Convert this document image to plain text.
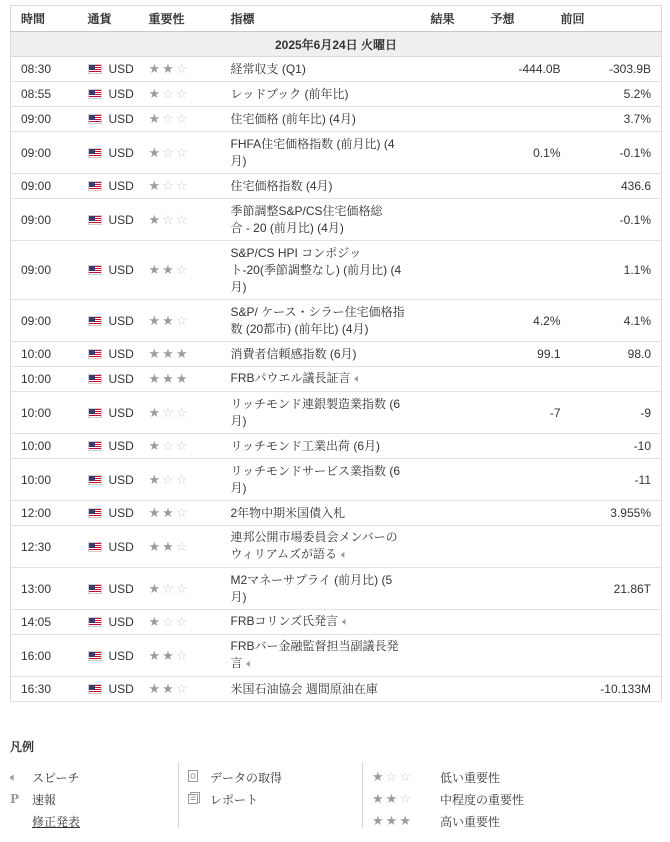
時間	通貨	重要性	指標	結果	予想	前回
2025年6月24日 火曜日						
08:30	USD	★ ★ ☆	経常収支 (Q1)		-444.0B	-303.9B
08:55	USD	★ ☆ ☆	レッドブック (前年比)			5.2%
09:00	USD	★ ☆ ☆	住宅価格 (前年比) (4月)			3.7%
09:00	USD	★ ☆ ☆	FHFA住宅価格指数 (前月比) (4
月)		0.1%	-0.1%
09:00	USD	★ ☆ ☆	住宅価格指数 (4月)			436.6
09:00	USD	★ ☆ ☆	季節調整S&P/CS住宅価格総
合 - 20 (前月比) (4月)			-0.1%
09:00	USD	★ ★ ☆	S&P/CS HPI コンポジッ
ト-20(季節調整なし) (前月比) (4
月)			1.1%
09:00	USD	★ ★ ☆	S&P/ ケース・シラー住宅価格指
数 (20都市) (前年比) (4月)		4.2%	4.1%
10:00	USD	★ ★ ★	消費者信頼感指数 (6月)		99.1	98.0
10:00	USD	★ ★ ★	FRBパウエル議長証言 🔈︎			
10:00	USD	★ ☆ ☆	リッチモンド連銀製造業指数 (6
月)		-7	-9
10:00	USD	★ ☆ ☆	リッチモンド工業出荷 (6月)			-10
10:00	USD	★ ☆ ☆	リッチモンドサービス業指数 (6
月)			-11
12:00	USD	★ ★ ☆	2年物中期米国債入札			3.955%
12:30	USD	★ ★ ☆	連邦公開市場委員会メンバーの
ウィリアムズが語る 🔈︎			
13:00	USD	★ ☆ ☆	M2マネーサプライ (前月比) (5
月)			21.86T
14:05	USD	★ ☆ ☆	FRBコリンズ氏発言 🔈︎			
16:00	USD	★ ★ ☆	FRBバー金融監督担当副議長発
言 🔈︎			
16:30	USD	★ ★ ☆	米国石油協会 週間原油在庫			-10.133M
凡例
🔈︎	スピーチ
P	速報
修正発表
データの取得
レポート
★ ☆ ☆	低い重要性
★ ★ ☆	中程度の重要性
★ ★ ★	高い重要性
